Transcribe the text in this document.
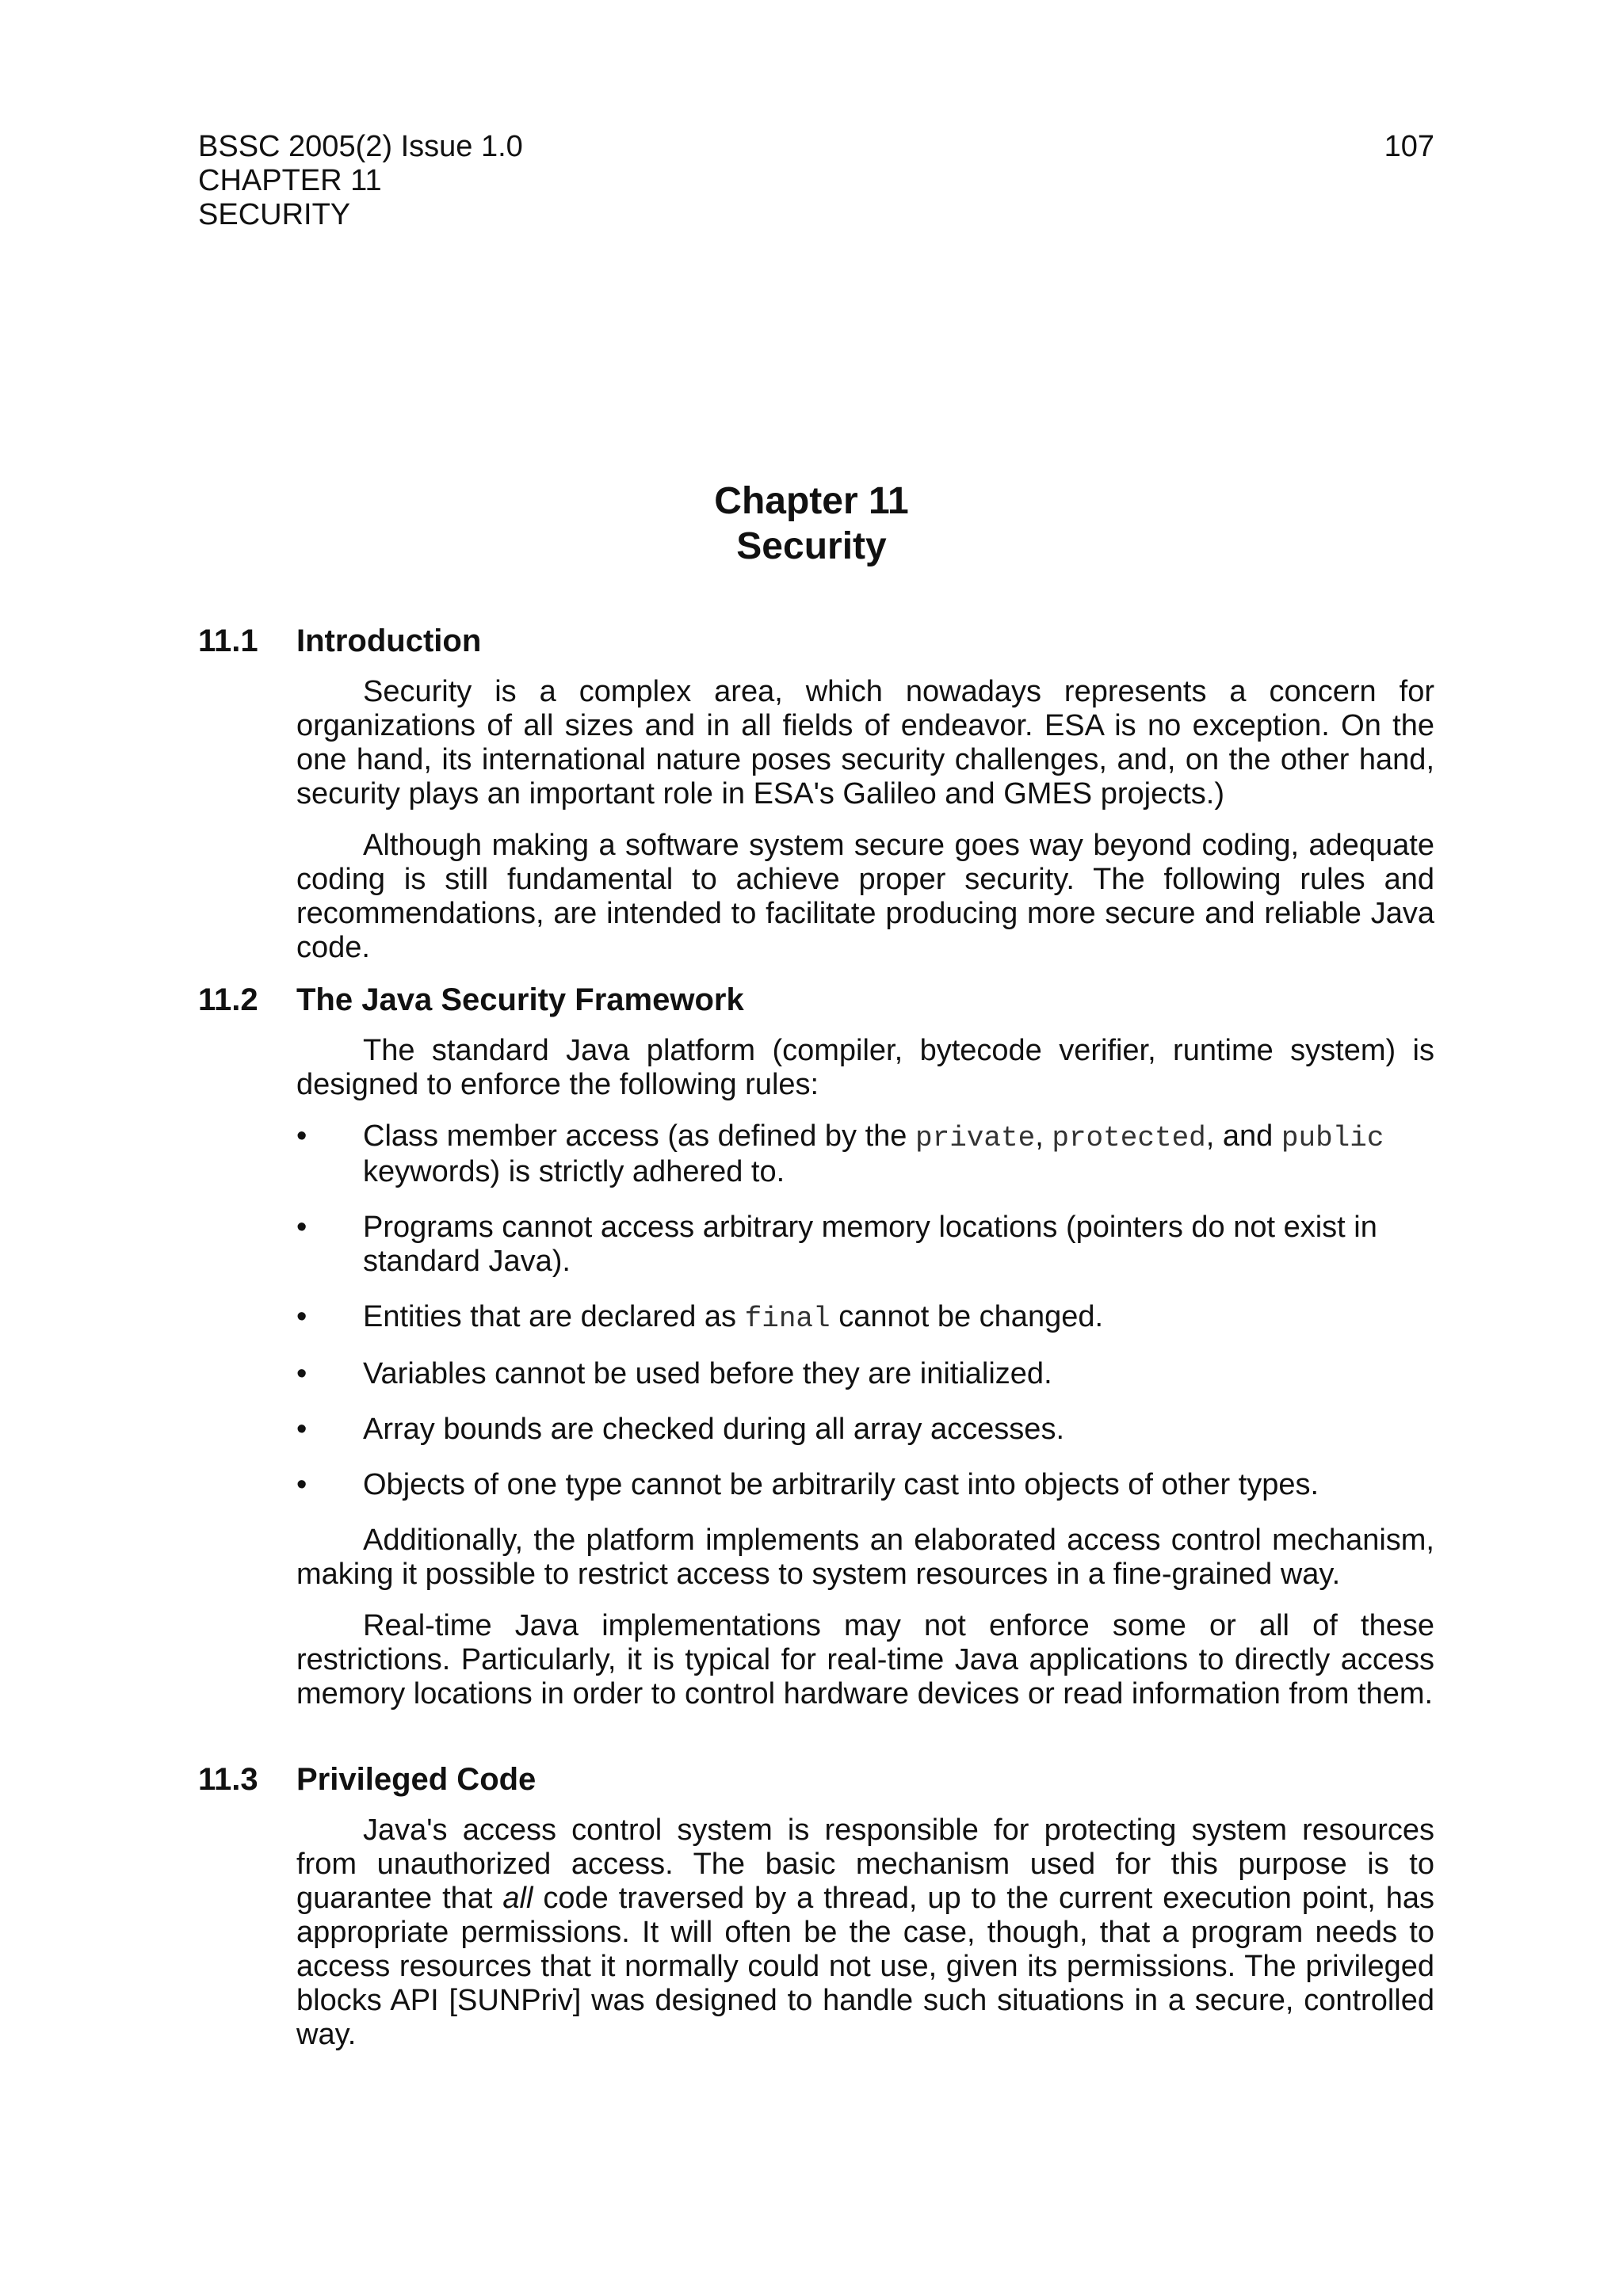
BSSC 2005(2) Issue 1.0
CHAPTER 11
SECURITY
107
Chapter 11
Security
11.1 Introduction

Security is a complex area, which nowadays represents a concern for organizations of all sizes and in all fields of endeavor. ESA is no exception. On the one hand, its international nature poses security challenges, and, on the other hand, security plays an important role in ESA's Galileo and GMES projects.)

Although making a software system secure goes way beyond coding, adequate coding is still fundamental to achieve proper security. The following rules and recommendations, are intended to facilitate producing more secure and reliable Java code.

11.2 The Java Security Framework

The standard Java platform (compiler, bytecode verifier, runtime system) is designed to enforce the following rules:

• Class member access (as defined by the private, protected, and public keywords) is strictly adhered to.
• Programs cannot access arbitrary memory locations (pointers do not exist in standard Java).
• Entities that are declared as final cannot be changed.
• Variables cannot be used before they are initialized.
• Array bounds are checked during all array accesses.
• Objects of one type cannot be arbitrarily cast into objects of other types.

Additionally, the platform implements an elaborated access control mechanism, making it possible to restrict access to system resources in a fine-grained way.

Real-time Java implementations may not enforce some or all of these restrictions. Particularly, it is typical for real-time Java applications to directly access memory locations in order to control hardware devices or read information from them.

11.3 Privileged Code

Java's access control system is responsible for protecting system resources from unauthorized access. The basic mechanism used for this purpose is to guarantee that all code traversed by a thread, up to the current execution point, has appropriate permissions. It will often be the case, though, that a program needs to access resources that it normally could not use, given its permissions. The privileged blocks API [SUNPriv] was designed to handle such situations in a secure, controlled way.
